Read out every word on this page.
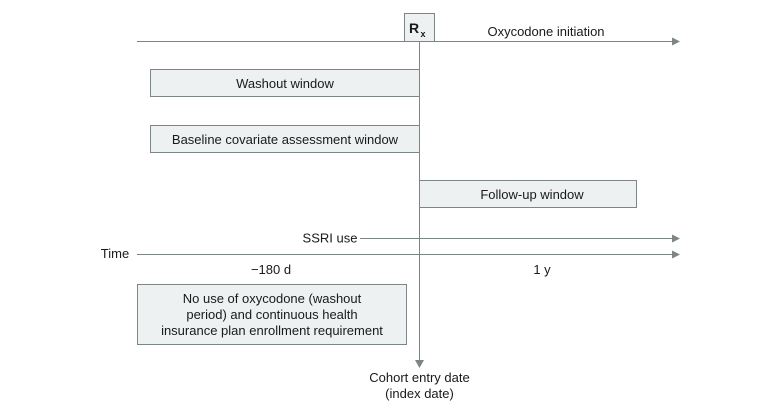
Oxycodone initiation
R x
Washout window
Baseline covariate assessment window
Follow-up window
SSRI use
Time
−180 d	1 y
No use of oxycodone (washout
period) and continuous health
insurance plan enrollment requirement
Cohort entry date
(index date)
